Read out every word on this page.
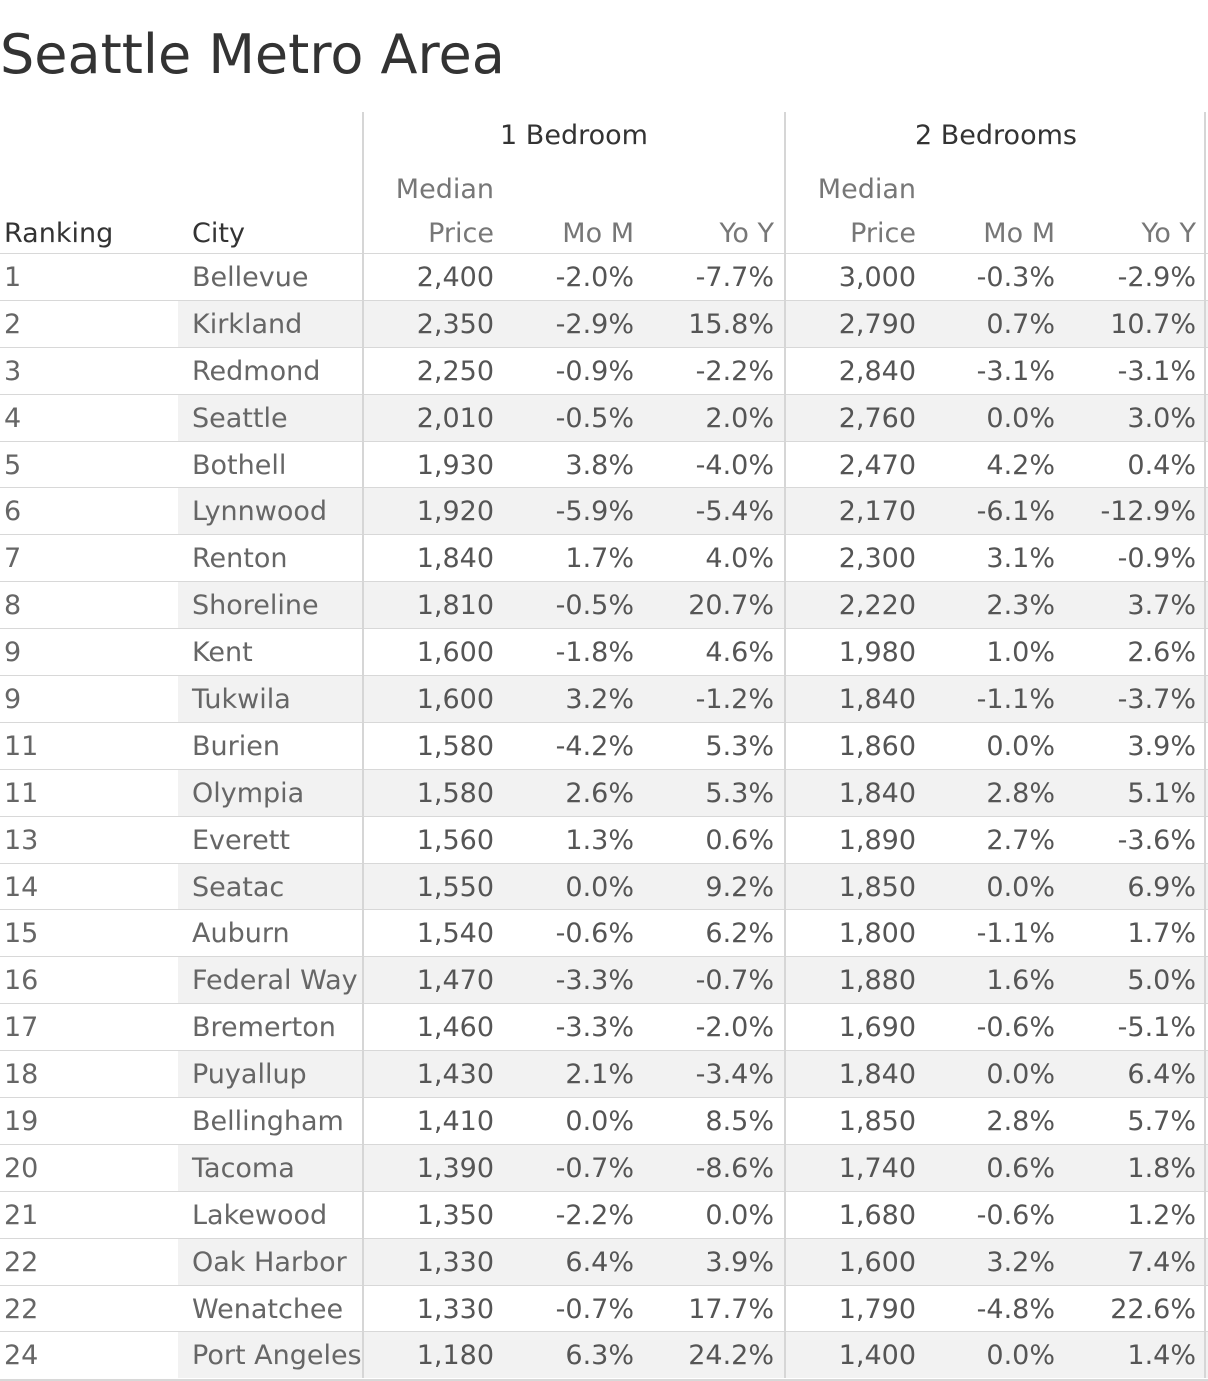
Seattle Metro Area
1 Bedroom	2 Bedrooms
Median
Price	Mo M	Yo Y
Median
Price	Mo M	Yo Y
Ranking	City
1	Bellevue	2,400	-2.0%	-7.7%	3,000	-0.3%	-2.9%
2	Kirkland	2,350	-2.9%	15.8%	2,790	0.7%	10.7%
3	Redmond	2,250	-0.9%	-2.2%	2,840	-3.1%	-3.1%
4	Seattle	2,010	-0.5%	2.0%	2,760	0.0%	3.0%
5	Bothell	1,930	3.8%	-4.0%	2,470	4.2%	0.4%
6	Lynnwood	1,920	-5.9%	-5.4%	2,170	-6.1%	-12.9%
7	Renton	1,840	1.7%	4.0%	2,300	3.1%	-0.9%
8	Shoreline	1,810	-0.5%	20.7%	2,220	2.3%	3.7%
9	Kent	1,600	-1.8%	4.6%	1,980	1.0%	2.6%
9	Tukwila	1,600	3.2%	-1.2%	1,840	-1.1%	-3.7%
11	Burien	1,580	-4.2%	5.3%	1,860	0.0%	3.9%
11	Olympia	1,580	2.6%	5.3%	1,840	2.8%	5.1%
13	Everett	1,560	1.3%	0.6%	1,890	2.7%	-3.6%
14	Seatac	1,550	0.0%	9.2%	1,850	0.0%	6.9%
15	Auburn	1,540	-0.6%	6.2%	1,800	-1.1%	1.7%
16	Federal Way	1,470	-3.3%	-0.7%	1,880	1.6%	5.0%
17	Bremerton	1,460	-3.3%	-2.0%	1,690	-0.6%	-5.1%
18	Puyallup	1,430	2.1%	-3.4%	1,840	0.0%	6.4%
19	Bellingham	1,410	0.0%	8.5%	1,850	2.8%	5.7%
20	Tacoma	1,390	-0.7%	-8.6%	1,740	0.6%	1.8%
21	Lakewood	1,350	-2.2%	0.0%	1,680	-0.6%	1.2%
22	Oak Harbor	1,330	6.4%	3.9%	1,600	3.2%	7.4%
22	Wenatchee	1,330	-0.7%	17.7%	1,790	-4.8%	22.6%
24	Port Angeles	1,180	6.3%	24.2%	1,400	0.0%	1.4%
